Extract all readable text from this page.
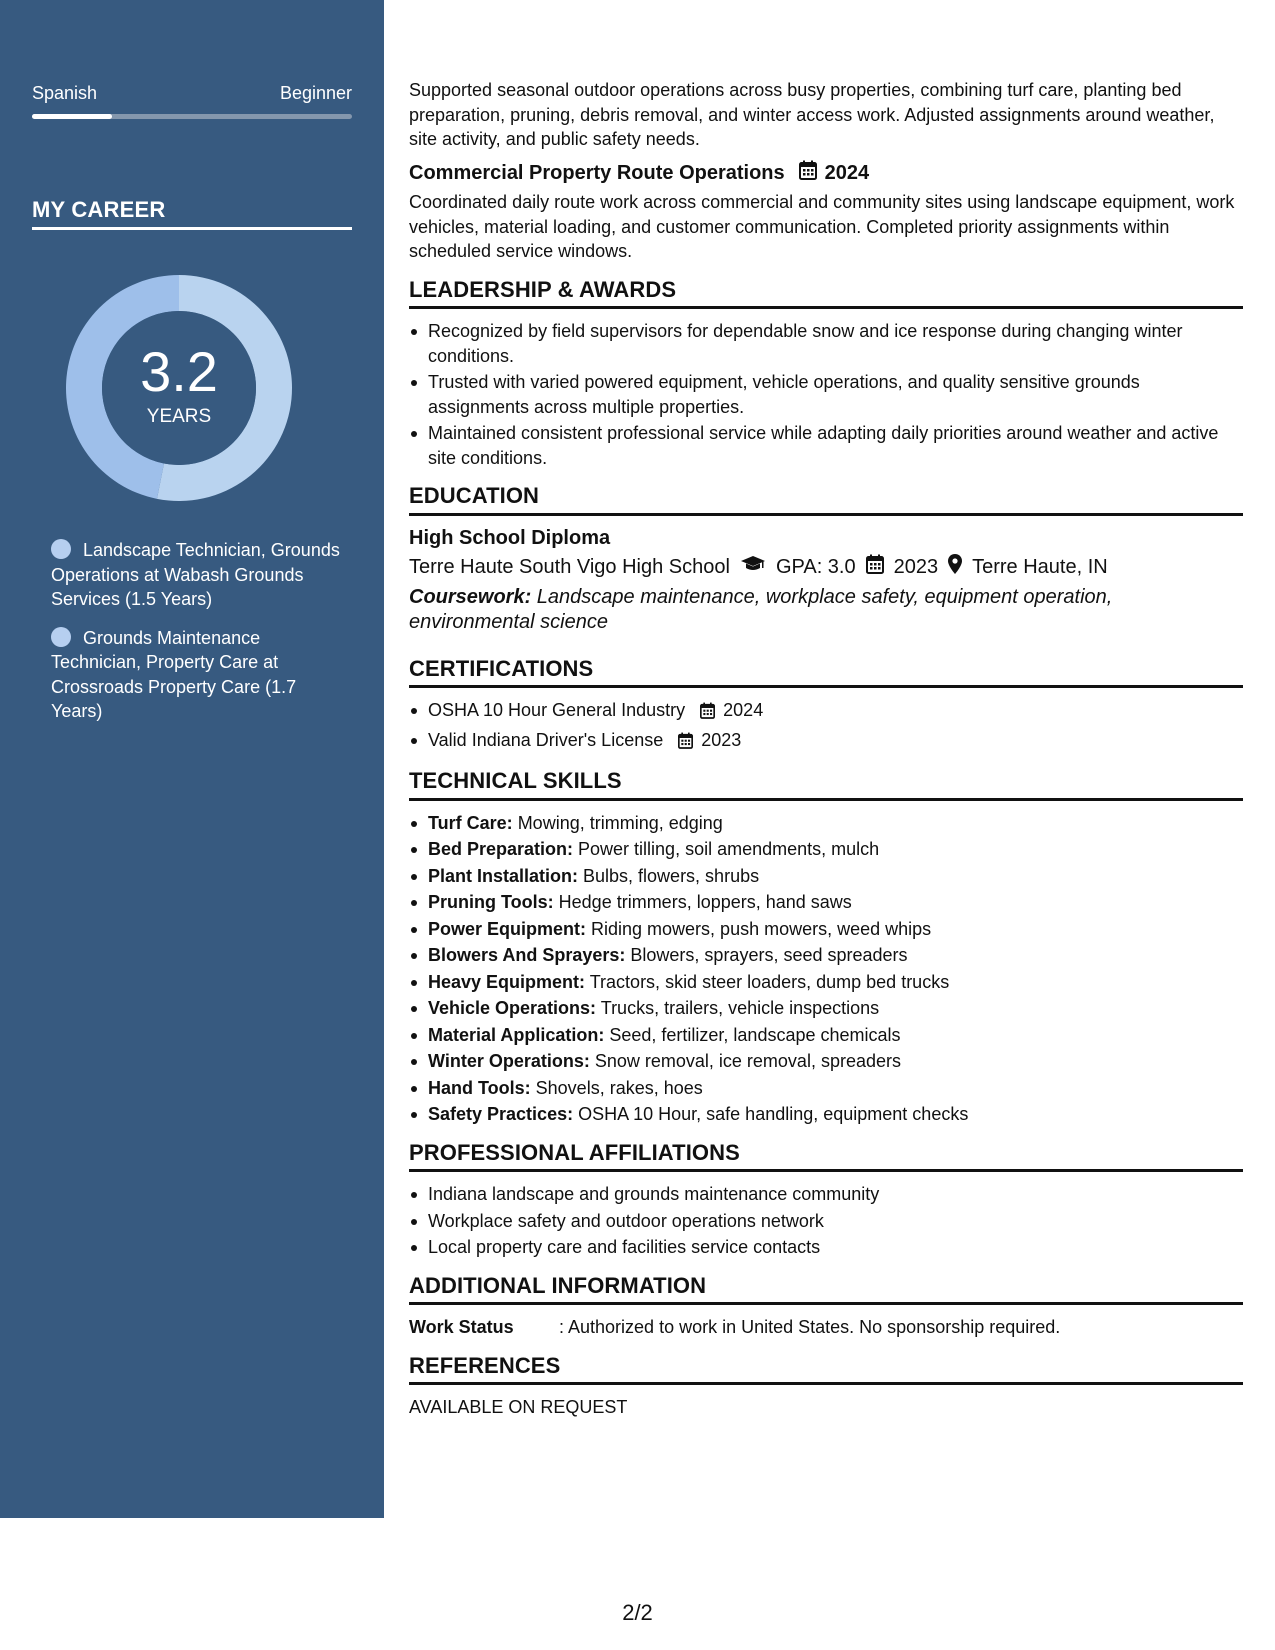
Spanish	Beginner
MY CAREER
3.2
YEARS
Landscape Technician, Grounds Operations at Wabash Grounds Services (1.5 Years)
Grounds Maintenance Technician, Property Care at Crossroads Property Care (1.7 Years)

Supported seasonal outdoor operations across busy properties, combining turf care, planting bed preparation, pruning, debris removal, and winter access work. Adjusted assignments around weather, site activity, and public safety needs.

Commercial Property Route Operations 2024

Coordinated daily route work across commercial and community sites using landscape equipment, work vehicles, material loading, and customer communication. Completed priority assignments within scheduled service windows.

LEADERSHIP & AWARDS
Recognized by field supervisors for dependable snow and ice response during changing winter conditions.
Trusted with varied powered equipment, vehicle operations, and quality sensitive grounds assignments across multiple properties.
Maintained consistent professional service while adapting daily priorities around weather and active site conditions.
EDUCATION
High School Diploma
Terre Haute South Vigo High School GPA: 3.0 2023 Terre Haute, IN
Coursework: Landscape maintenance, workplace safety, equipment operation, environmental science
CERTIFICATIONS
OSHA 10 Hour General Industry 2024
Valid Indiana Driver's License 2023
TECHNICAL SKILLS
Turf Care: Mowing, trimming, edging
Bed Preparation: Power tilling, soil amendments, mulch
Plant Installation: Bulbs, flowers, shrubs
Pruning Tools: Hedge trimmers, loppers, hand saws
Power Equipment: Riding mowers, push mowers, weed whips
Blowers And Sprayers: Blowers, sprayers, seed spreaders
Heavy Equipment: Tractors, skid steer loaders, dump bed trucks
Vehicle Operations: Trucks, trailers, vehicle inspections
Material Application: Seed, fertilizer, landscape chemicals
Winter Operations: Snow removal, ice removal, spreaders
Hand Tools: Shovels, rakes, hoes
Safety Practices: OSHA 10 Hour, safe handling, equipment checks
PROFESSIONAL AFFILIATIONS
Indiana landscape and grounds maintenance community
Workplace safety and outdoor operations network
Local property care and facilities service contacts
ADDITIONAL INFORMATION
Work Status	: Authorized to work in United States. No sponsorship required.
REFERENCES
AVAILABLE ON REQUEST
2/2
